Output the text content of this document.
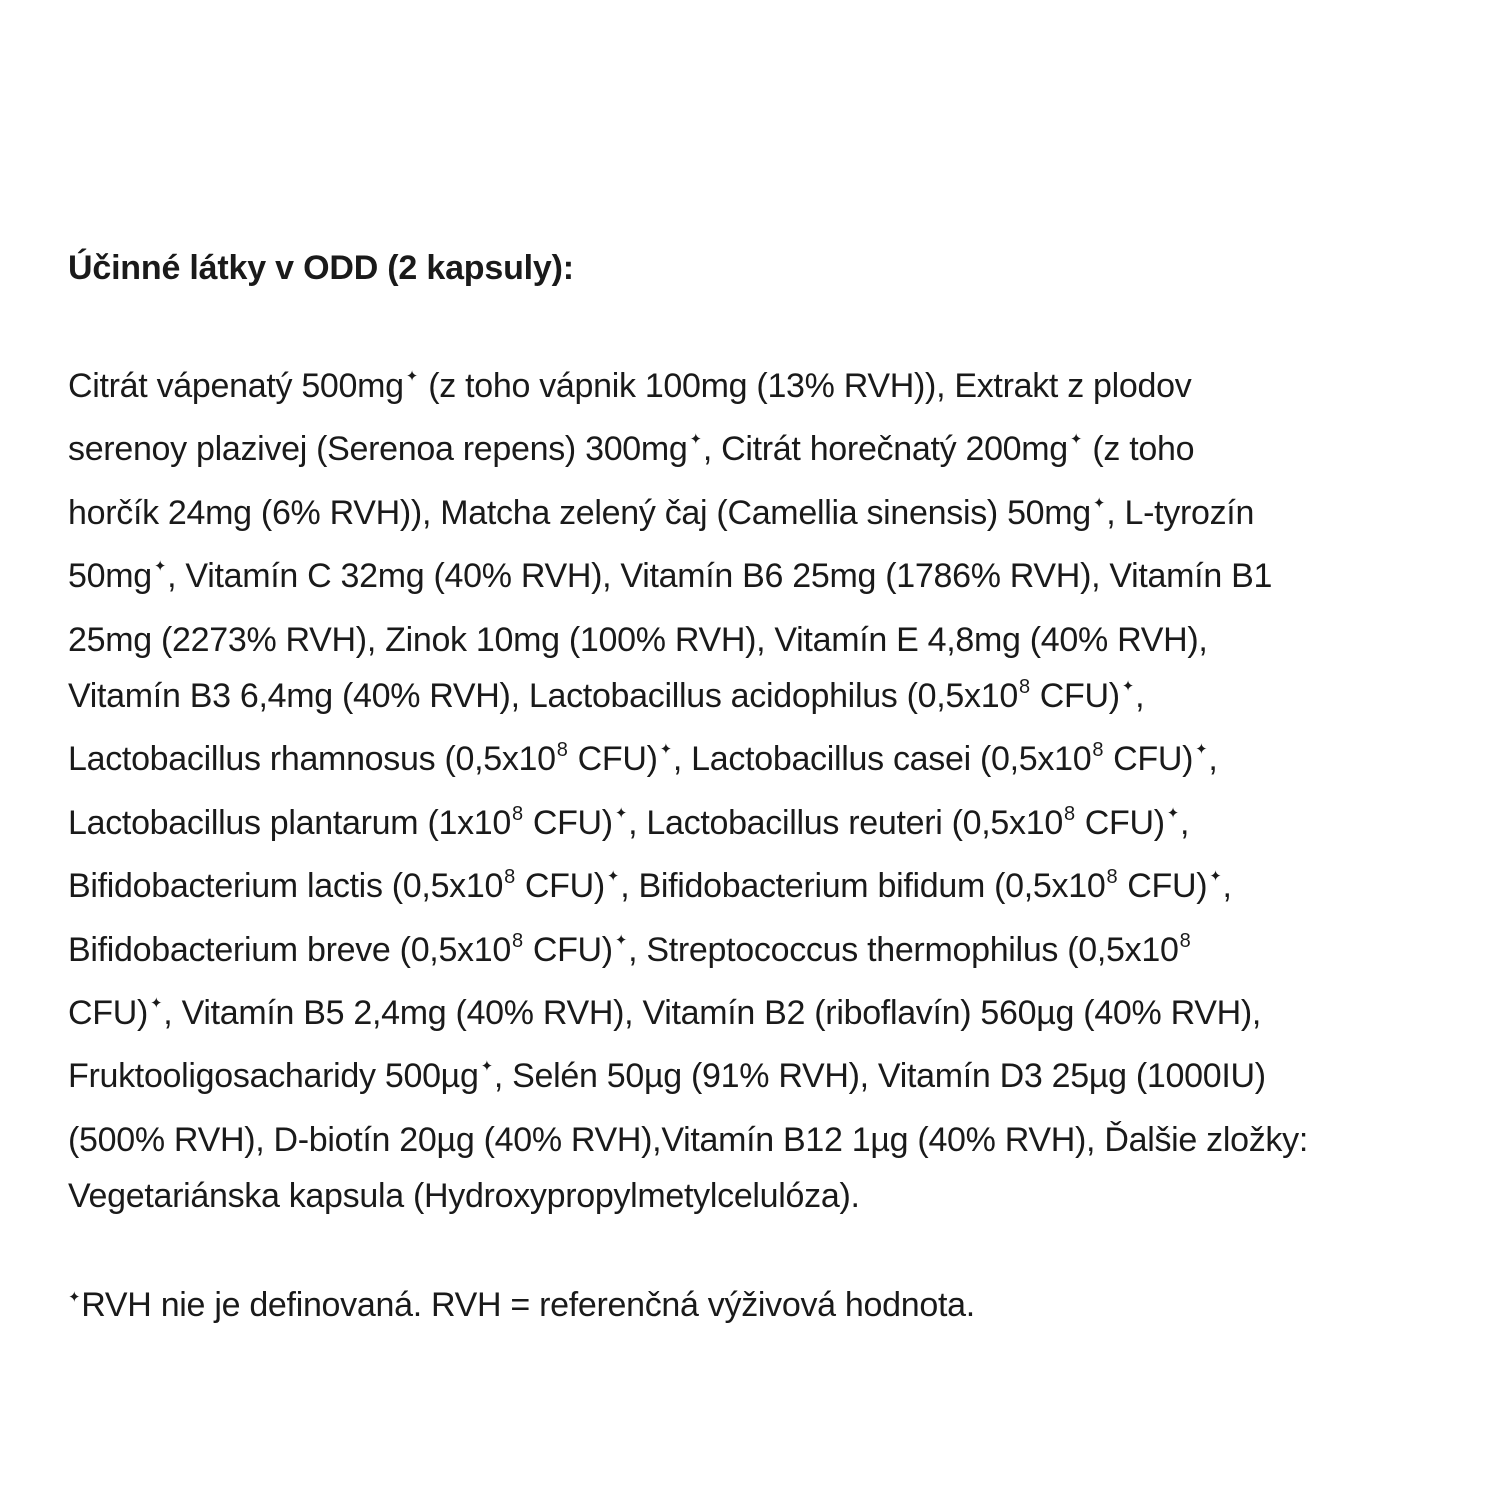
Účinné látky v ODD (2 kapsuly):

Citrát vápenatý 500mg ✦ (z toho vápnik 100mg (13% RVH)), Extrakt z plodov
serenoy plazivej (Serenoa repens) 300mg ✦, Citrát horečnatý 200mg ✦ (z toho
horčík 24mg (6% RVH)), Matcha zelený čaj (Camellia sinensis) 50mg ✦, L-tyrozín
50mg ✦, Vitamín C 32mg (40% RVH), Vitamín B6 25mg (1786% RVH), Vitamín B1
25mg (2273% RVH), Zinok 10mg (100% RVH), Vitamín E 4,8mg (40% RVH),
Vitamín B3 6,4mg (40% RVH), Lactobacillus acidophilus ($0,5x10^8$ CFU) ✦,
Lactobacillus rhamnosus ($0,5x10^8$ CFU) ✦, Lactobacillus casei ($0,5x10^8$ CFU) ✦,
Lactobacillus plantarum ($1x10^8$ CFU) ✦, Lactobacillus reuteri ($0,5x10^8$ CFU) ✦,
Bifidobacterium lactis ($0,5x10^8$ CFU) ✦, Bifidobacterium bifidum ($0,5x10^8$ CFU) ✦,
Bifidobacterium breve ($0,5x10^8$ CFU) ✦, Streptococcus thermophilus ($0,5x10^8$
CFU) ✦, Vitamín B5 2,4mg (40% RVH), Vitamín B2 (riboflavín) 560µg (40% RVH),
Fruktooligosacharidy 500µg ✦, Selén 50µg (91% RVH), Vitamín D3 25µg (1000IU)
(500% RVH), D-biotín 20µg (40% RVH),Vitamín B12 1µg (40% RVH), Ďalšie zložky:
Vegetariánska kapsula (Hydroxypropylmetylcelulóza).
✦RVH nie je definovaná. RVH = referenčná výživová hodnota.
